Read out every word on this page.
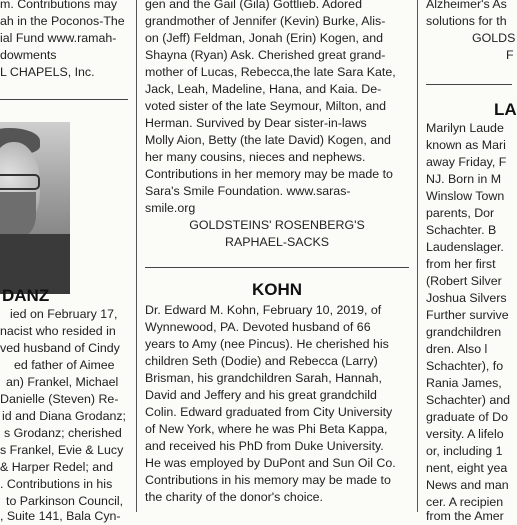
m. Contributions may
ah in the Poconos-The
ial Fund www.ramah-
dowments
L CHAPELS, Inc.
DANZ
ied on February 17,
nacist who resided in
ved husband of Cindy
ed father of Aimee
an) Frankel, Michael
Danielle (Steven) Re-
id and Diana Grodanz;
s Grodanz; cherished
s Frankel, Evie & Lucy
& Harper Redel; and
. Contributions in his
to Parkinson Council,
, Suite 141, Bala Cyn-
gen and the Gail (Gila) Gottlieb. Adored
grandmother of Jennifer (Kevin) Burke, Alis-
on (Jeff) Feldman, Jonah (Erin) Kogen, and
Shayna (Ryan) Ask. Cherished great grand-
mother of Lucas, Rebecca,the late Sara Kate,
Jack, Leah, Madeline, Hana, and Kaia. De-
voted sister of the late Seymour, Milton, and
Herman. Survived by Dear sister-in-laws
Molly Aion, Betty (the late David) Kogen, and
her many cousins, nieces and nephews.
Contributions in her memory may be made to
Sara's Smile Foundation. www.saras-
smile.org
GOLDSTEINS' ROSENBERG'S
RAPHAEL-SACKS
KOHN
Dr. Edward M. Kohn, February 10, 2019, of
Wynnewood, PA. Devoted husband of 66
years to Amy (nee Pincus). He cherished his
children Seth (Dodie) and Rebecca (Larry)
Brisman, his grandchildren Sarah, Hannah,
David and Jeffery and his great grandchild
Colin. Edward graduated from City University
of New York, where he was Phi Beta Kappa,
and received his PhD from Duke University.
He was employed by DuPont and Sun Oil Co.
Contributions in his memory may be made to
the charity of the donor's choice.
Alzheimer's As
solutions for th
GOLDS
F
LA
Marilyn Laude
known as Mari
away Friday, F
NJ. Born in M
Winslow Town
parents, Dor
Schachter. B
Laudenslager.
from her first
(Robert Silver
Joshua Silvers
Further survive
grandchildren
dren. Also l
Schachter), fo
Rania James,
Schachter) and
graduate of Do
versity. A lifelo
or, including 1
nent, eight yea
News and man
cer. A recipien
from the Amer
